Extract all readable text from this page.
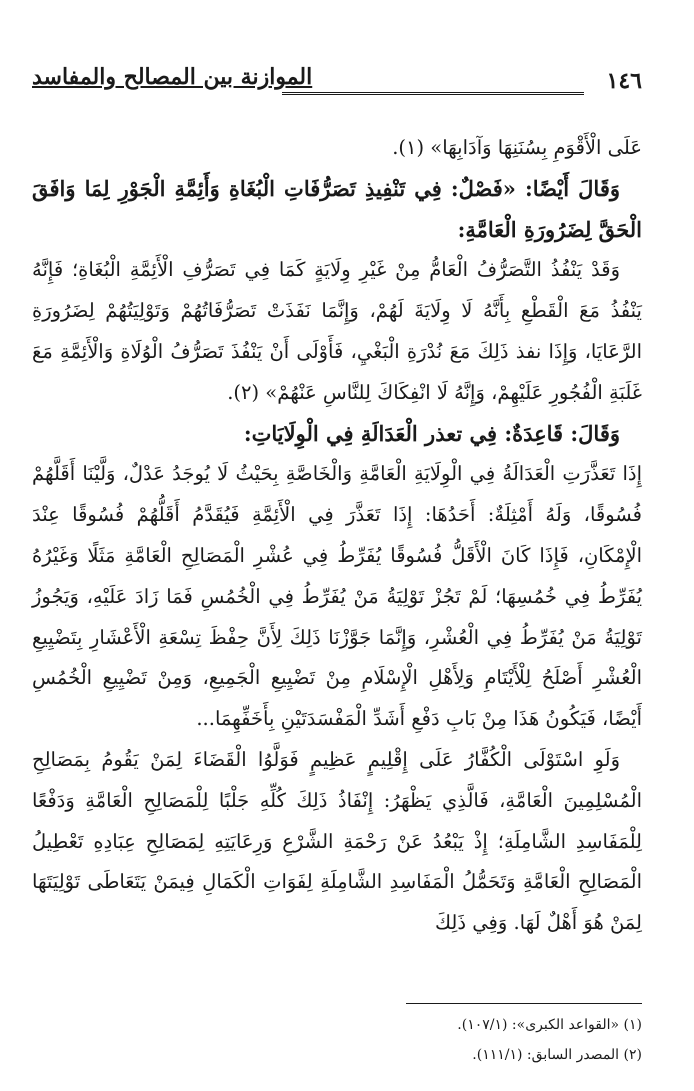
١٤٦
الموازنة بين المصالح والمفاسد

عَلَى الْأَقْوَمِ بِسُنَنِهَا وَآدَابِهَا» (١).

وَقَالَ أَيْضًا: «فَصْلٌ: فِي تَنْفِيذِ تَصَرُّفَاتِ الْبُغَاةِ وَأَئِمَّةِ الْجَوْرِ لِمَا وَافَقَ الْحَقَّ لِضَرُورَةِ الْعَامَّةِ:

وَقَدْ يَنْفُذُ التَّصَرُّفُ الْعَامُّ مِنْ غَيْرِ وِلَايَةٍ كَمَا فِي تَصَرُّفِ الْأَئِمَّةِ الْبُغَاةِ؛ فَإِنَّهُ يَنْفُذُ مَعَ الْقَطْعِ بِأَنَّهُ لَا وِلَايَةَ لَهُمْ، وَإِنَّمَا نَفَذَتْ تَصَرُّفَاتُهُمْ وَتَوْلِيَتُهُمْ لِضَرُورَةِ الرَّعَايَا، وَإِذَا نفذ ذَلِكَ مَعَ نُدْرَةِ الْبَغْيِ، فَأَوْلَى أَنْ يَنْفُذَ تَصَرُّفُ الْوُلَاةِ وَالْأَئِمَّةِ مَعَ غَلَبَةِ الْفُجُورِ عَلَيْهِمْ، وَإِنَّهُ لَا انْفِكَاكَ لِلنَّاسِ عَنْهُمْ» (٢).

وَقَالَ: قَاعِدَةٌ: فِي تعذر الْعَدَالَةِ فِي الْوِلَايَاتِ:

إِذَا تَعَذَّرَتِ الْعَدَالَةُ فِي الْوِلَايَةِ الْعَامَّةِ وَالْخَاصَّةِ بِحَيْثُ لَا يُوجَدُ عَدْلٌ، وَلَّيْنَا أَقَلَّهُمْ فُسُوقًا، وَلَهُ أَمْثِلَةٌ: أَحَدُهَا: إِذَا تَعَذَّرَ فِي الْأَئِمَّةِ فَيُقَدَّمُ أَقَلُّهُمْ فُسُوقًا عِنْدَ الْإِمْكَانِ، فَإِذَا كَانَ الْأَقَلُّ فُسُوقًا يُفَرِّطُ فِي عُشْرِ الْمَصَالِحِ الْعَامَّةِ مَثَلًا وَغَيْرُهُ يُفَرِّطُ فِي خُمُسِهَا؛ لَمْ تَجُزْ تَوْلِيَةُ مَنْ يُفَرِّطُ فِي الْخُمُسِ فَمَا زَادَ عَلَيْهِ، وَيَجُوزُ تَوْلِيَةُ مَنْ يُفَرِّطُ فِي الْعُشْرِ، وَإِنَّمَا جَوَّزْنَا ذَلِكَ لِأَنَّ حِفْظَ تِسْعَةِ الْأَعْشَارِ بِتَضْيِيعِ الْعُشْرِ أَصْلَحُ لِلْأَيْتَامِ وَلِأَهْلِ الْإِسْلَامِ مِنْ تَضْيِيعِ الْجَمِيعِ، وَمِنْ تَضْيِيعِ الْخُمُسِ أَيْضًا، فَيَكُونُ هَذَا مِنْ بَابِ دَفْعِ أَشَدِّ الْمَفْسَدَتَيْنِ بِأَخَفِّهِمَا...

وَلَوِ اسْتَوْلَى الْكُفَّارُ عَلَى إِقْلِيمٍ عَظِيمٍ فَوَلَّوُا الْقَضَاءَ لِمَنْ يَقُومُ بِمَصَالِحِ الْمُسْلِمِينَ الْعَامَّةِ، فَالَّذِي يَظْهَرُ: إِنْفَاذُ ذَلِكَ كُلِّهِ جَلْبًا لِلْمَصَالِحِ الْعَامَّةِ وَدَفْعًا لِلْمَفَاسِدِ الشَّامِلَةِ؛ إِذْ يَبْعُدُ عَنْ رَحْمَةِ الشَّرْعِ وَرِعَايَتِهِ لِمَصَالِحِ عِبَادِهِ تَعْطِيلُ الْمَصَالِحِ الْعَامَّةِ وَتَحَمُّلُ الْمَفَاسِدِ الشَّامِلَةِ لِفَوَاتِ الْكَمَالِ فِيمَنْ يَتَعَاطَى تَوْلِيَتَهَا لِمَنْ هُوَ أَهْلٌ لَهَا. وَفِي ذَلِكَ

(١) «القواعد الكبرى»: (١٠٧/١).

(٢) المصدر السابق: (١١١/١).
